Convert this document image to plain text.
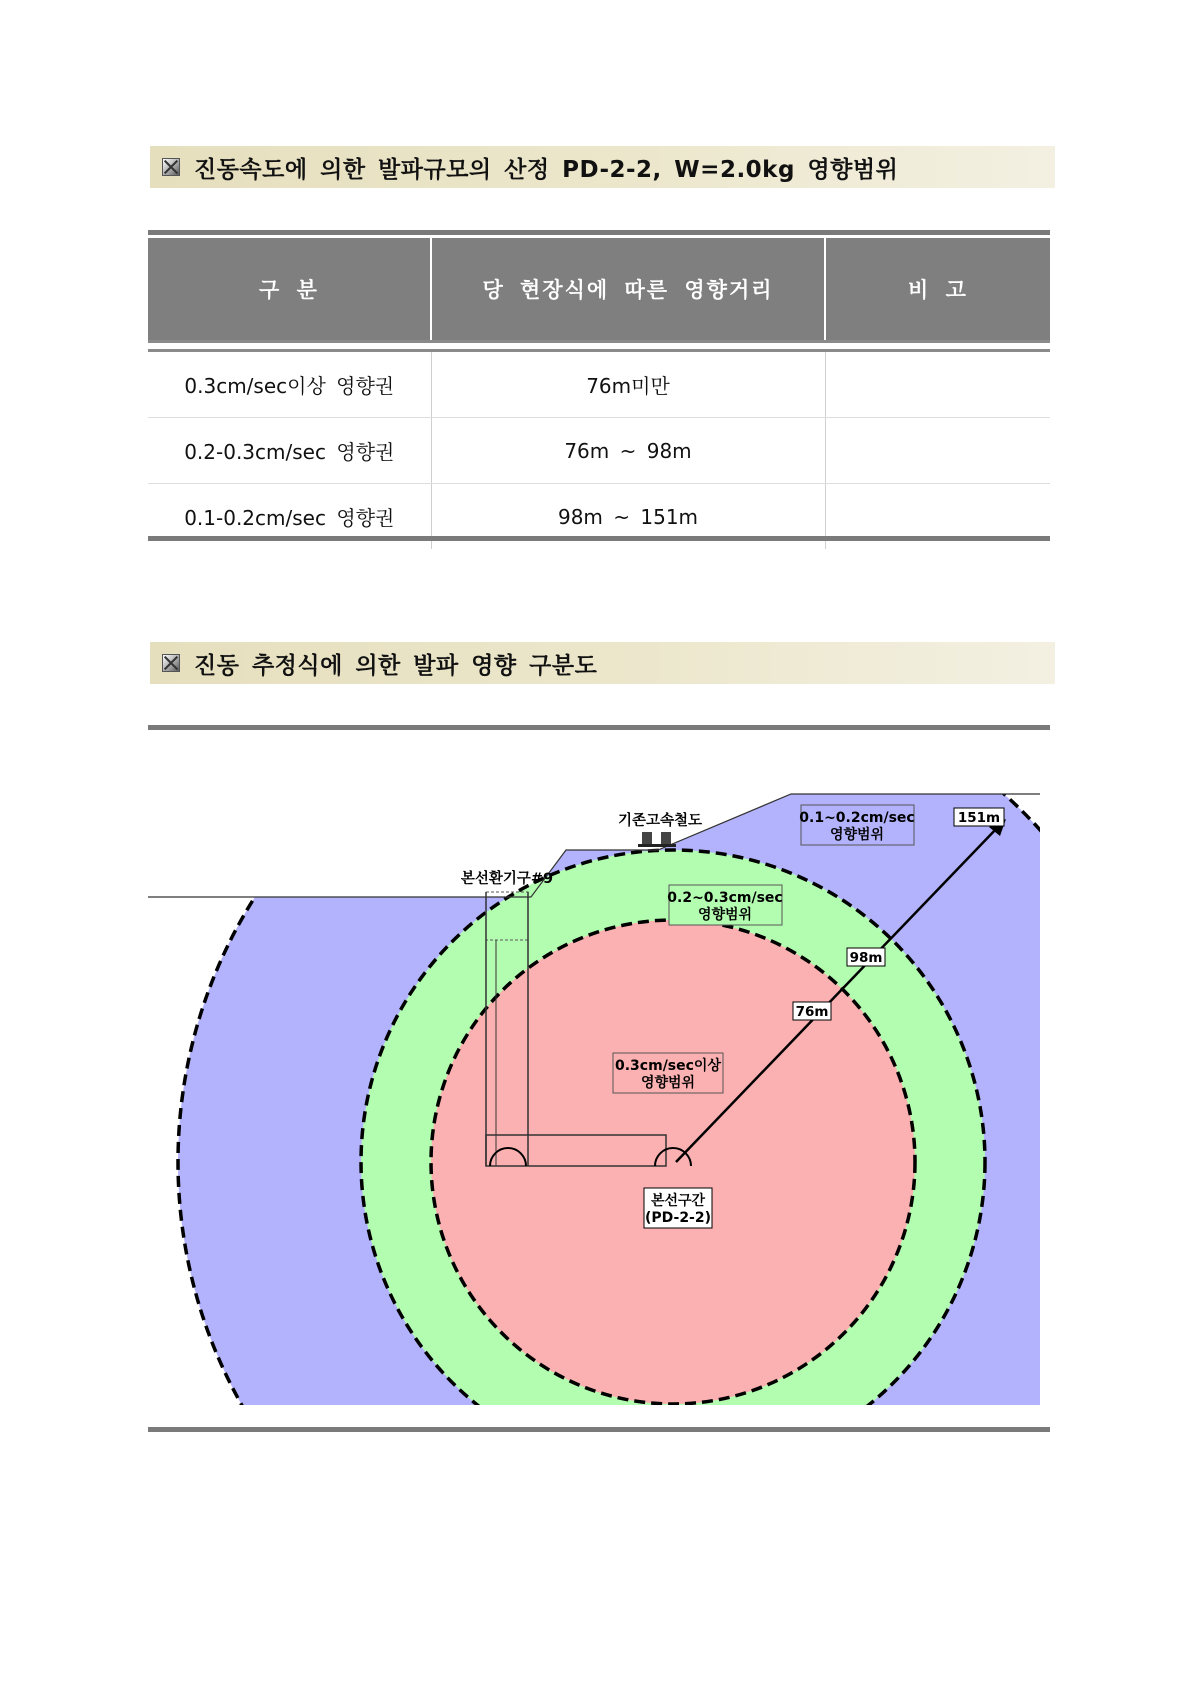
진동속도에 의한 발파규모의 산정 PD-2-2, W=2.0kg 영향범위
구 분	당 현장식에 따른 영향거리	비 고

0.3cm/sec이상 영향권	76m미만	
0.2-0.3cm/sec 영향권	76m ~ 98m	
0.1-0.2cm/sec 영향권	98m ~ 151m	
진동 추정식에 의한 발파 영향 구분도
기존고속철도
본선환기구#9
76m
98m
151m
0.3cm/sec이상
영향범위
0.2~0.3cm/sec
영향범위
0.1~0.2cm/sec
영향범위
본선구간
(PD-2-2)
